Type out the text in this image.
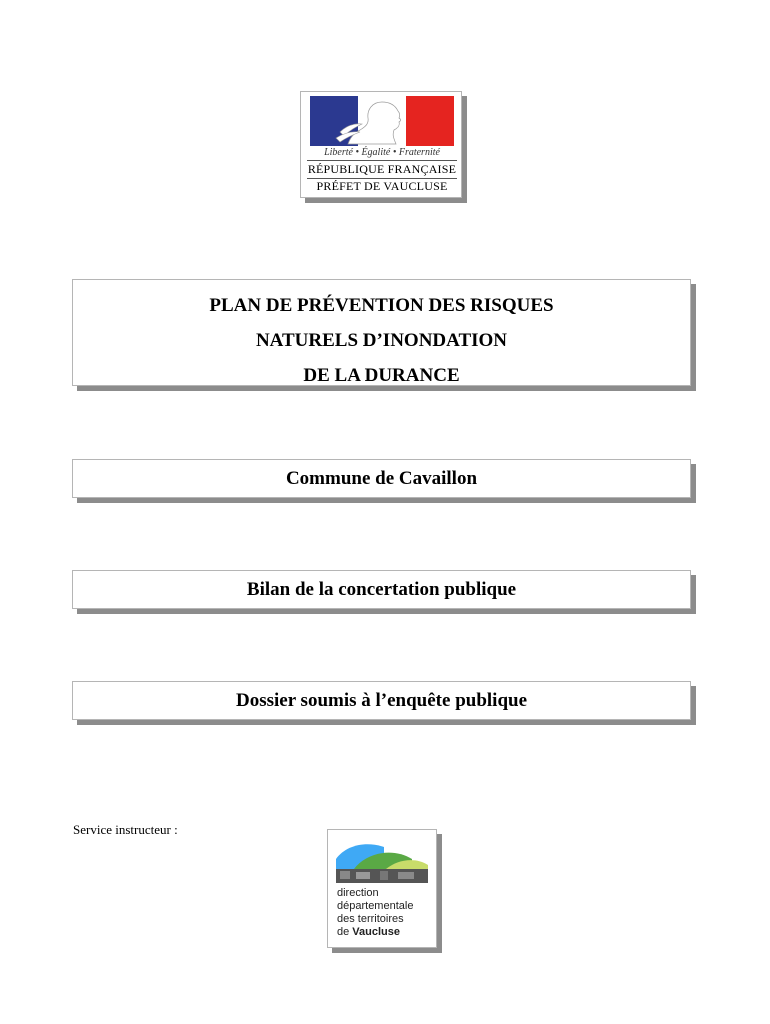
Liberté • Égalité • Fraternité
RÉPUBLIQUE FRANÇAISE
PRÉFET DE VAUCLUSE
PLAN DE PRÉVENTION DES RISQUES
NATURELS D’INONDATION
DE LA DURANCE
Commune de Cavaillon
Bilan de la concertation publique
Dossier soumis à l’enquête publique
Service instructeur :
direction
départementale
des territoires
de Vaucluse
